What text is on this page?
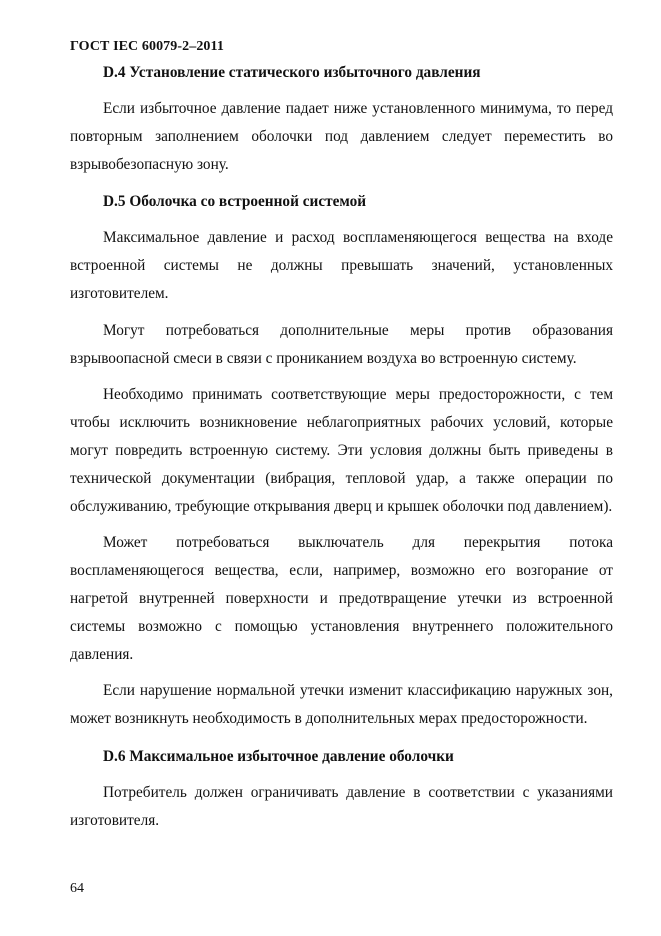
ГОСТ IEC 60079-2–2011
D.4 Установление статического избыточного давления

Если избыточное давление падает ниже установленного минимума, то перед повторным заполнением оболочки под давлением следует переместить во взрывобезопасную зону.

D.5 Оболочка со встроенной системой

Максимальное давление и расход воспламеняющегося вещества на входе встроенной системы не должны превышать значений, установленных изготовителем.

Могут потребоваться дополнительные меры против образования взрывоопасной смеси в связи с прониканием воздуха во встроенную систему.

Необходимо принимать соответствующие меры предосторожности, с тем чтобы исключить возникновение неблагоприятных рабочих условий, которые могут повредить встроенную систему. Эти условия должны быть приведены в технической документации (вибрация, тепловой удар, а также операции по обслуживанию, требующие открывания дверц и крышек оболочки под давлением).

Может потребоваться выключатель для перекрытия потока воспламеняющегося вещества, если, например, возможно его возгорание от нагретой внутренней поверхности и предотвращение утечки из встроенной системы возможно с помощью установления внутреннего положительного давления.

Если нарушение нормальной утечки изменит классификацию наружных зон, может возникнуть необходимость в дополнительных мерах предосторожности.

D.6 Максимальное избыточное давление оболочки

Потребитель должен ограничивать давление в соответствии с указаниями изготовителя.

64
